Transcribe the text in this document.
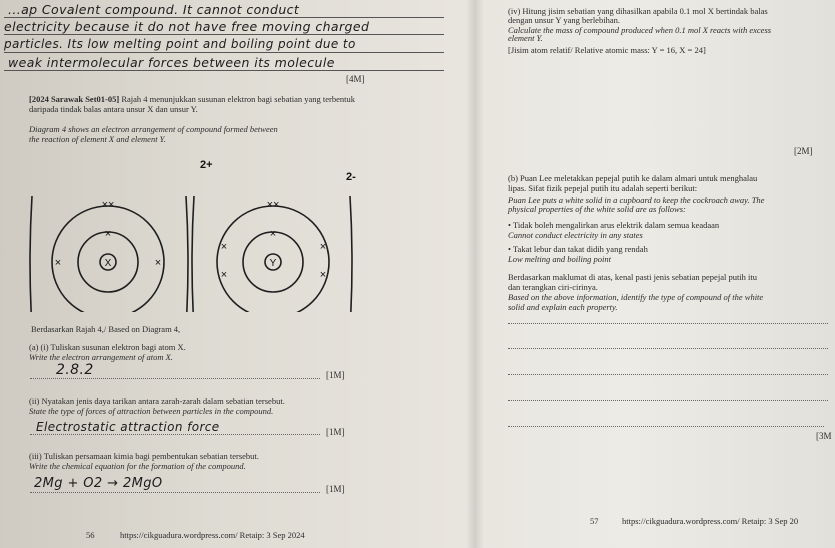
...ap Covalent compound. It cannot conduct
electricity because it do not have free moving charged
particles. Its low melting point and boiling point due to
weak intermolecular forces between its molecule
[4M]
[2024 Sarawak Set01-05] Rajah 4 menunjukkan susunan elektron bagi sebatian yang terbentuk daripada tindak balas antara unsur X dan unsur Y.
Diagram 4 shows an electron arrangement of compound formed between the reaction of element X and element Y.
××
×
×	×
××
×
×
×
×
×
X	Y
2+
2-
Berdasarkan Rajah 4,/ Based on Diagram 4,
(a) (i) Tuliskan susunan elektron bagi atom X.
Write the electron arrangement of atom X.
2.8.2	[1M]
(ii) Nyatakan jenis daya tarikan antara zarah-zarah dalam sebatian tersebut.
State the type of forces of attraction between particles in the compound.
Electrostatic attraction force	[1M]
(iii) Tuliskan persamaan kimia bagi pembentukan sebatian tersebut.
Write the chemical equation for the formation of the compound.
2Mg + O2 → 2MgO	[1M]
56	https://cikguadura.wordpress.com/ Retaip: 3 Sep 2024
(iv) Hitung jisim sebatian yang dihasilkan apabila 0.1 mol X bertindak balas
dengan unsur Y yang berlebihan.
Calculate the mass of compound produced when 0.1 mol X reacts with excess
element Y.
[Jisim atom relatif/ Relative atomic mass: Y = 16, X = 24]
[2M]
(b) Puan Lee meletakkan pepejal putih ke dalam almari untuk menghalau
lipas. Sifat fizik pepejal putih itu adalah seperti berikut:
Puan Lee puts a white solid in a cupboard to keep the cockroach away. The
physical properties of the white solid are as follows:
• Tidak boleh mengalirkan arus elektrik dalam semua keadaan
Cannot conduct electricity in any states
• Takat lebur dan takat didih yang rendah
Low melting and boiling point
Berdasarkan maklumat di atas, kenal pasti jenis sebatian pepejal putih itu
dan terangkan ciri-cirinya.
Based on the above information, identify the type of compound of the white
solid and explain each property.
[3M
57	https://cikguadura.wordpress.com/ Retaip: 3 Sep 20
